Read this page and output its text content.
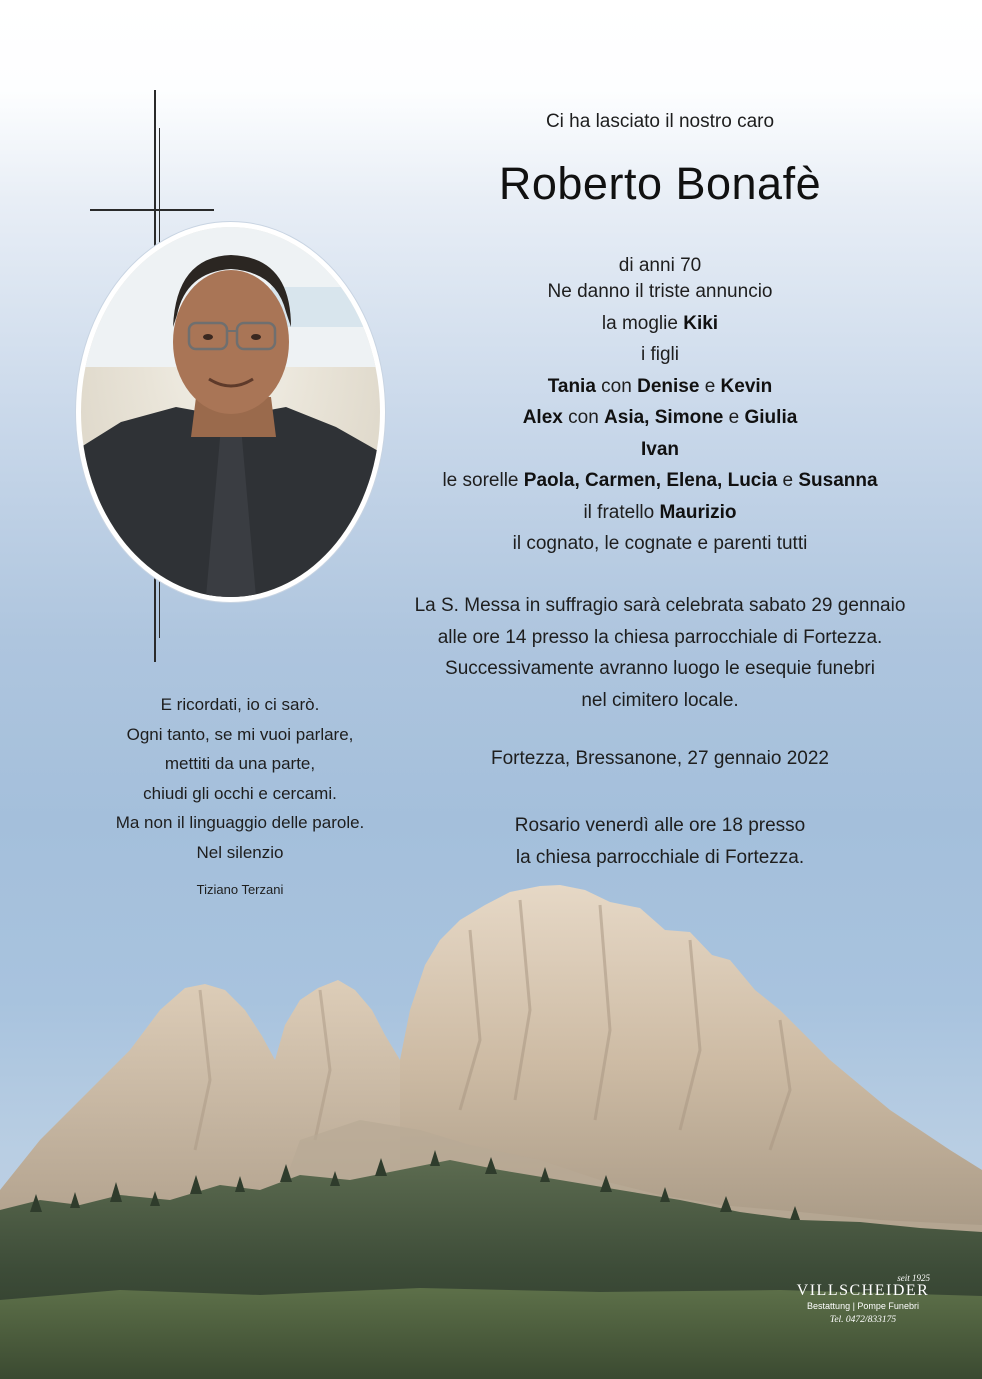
Ci ha lasciato il nostro caro
Roberto Bonafè
di anni 70
Ne danno il triste annuncio
la moglie Kiki
i figli
Tania con Denise e Kevin
Alex con Asia, Simone e Giulia
Ivan
le sorelle Paola, Carmen, Elena, Lucia e Susanna
il fratello Maurizio
il cognato, le cognate e parenti tutti
La S. Messa in suffragio sarà celebrata sabato 29 gennaio
alle ore 14 presso la chiesa parrocchiale di Fortezza.
Successivamente avranno luogo le esequie funebri
nel cimitero locale.
Fortezza, Bressanone, 27 gennaio 2022
Rosario venerdì alle ore 18 presso
la chiesa parrocchiale di Fortezza.
E ricordati, io ci sarò.
Ogni tanto, se mi vuoi parlare,
mettiti da una parte,
chiudi gli occhi e cercami.
Ma non il linguaggio delle parole.
Nel silenzio
Tiziano Terzani
seit 1925
VILLSCHEIDER
Bestattung | Pompe Funebri
Tel. 0472/833175
